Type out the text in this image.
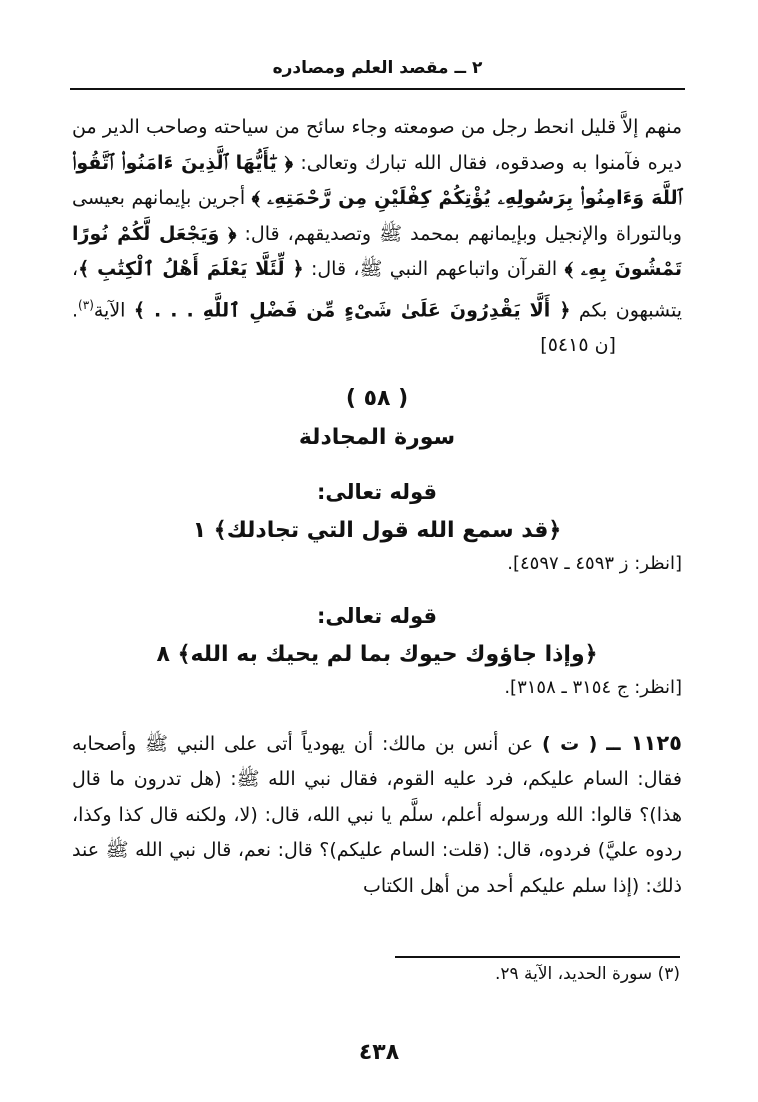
٢ ــ مقصد العلم ومصادره

منهم إلاَّ قليل انحط رجل من صومعته وجاء سائح من سياحته وصاحب الدير من ديره فآمنوا به وصدقوه، فقال الله تبارك وتعالى: ﴿ يَٰٓأَيُّهَا ٱلَّذِينَ ءَامَنُوا۟ ٱتَّقُوا۟ ٱللَّهَ وَءَامِنُوا۟ بِرَسُولِهِۦ يُؤْتِكُمْ كِفْلَيْنِ مِن رَّحْمَتِهِۦ ﴾ أجرين بإيمانهم بعيسى وبالتوراة والإنجيل وبإيمانهم بمحمد ﷺ وتصديقهم، قال: ﴿ وَيَجْعَل لَّكُمْ نُورًا تَمْشُونَ بِهِۦ ﴾ القرآن واتباعهم النبي ﷺ، قال: ﴿ لِّئَلَّا يَعْلَمَ أَهْلُ ٱلْكِتَٰبِ ﴾، يتشبهون بكم ﴿ أَلَّا يَقْدِرُونَ عَلَىٰ شَىْءٍ مِّن فَضْلِ ٱللَّهِ . . . ﴾ الآية$^{(٣)}$.  [ن ٥٤١٥]

( ٥٨ )
سورة المجادلة
قوله تعالى:
﴿قد سمع الله قول التي تجادلك﴾ ١
[انظر: ز ٤٥٩٣ ـ ٤٥٩٧].
قوله تعالى:
﴿وإذا جاؤوك حيوك بما لم يحيك به الله﴾ ٨
[انظر: ج ٣١٥٤ ـ ٣١٥٨].

١١٢٥ ــ ( ت ) عن أنس بن مالك: أن يهودياً أتى على النبي ﷺ وأصحابه فقال: السام عليكم، فرد عليه القوم، فقال نبي الله ﷺ: (هل تدرون ما قال هذا)؟ قالوا: الله ورسوله أعلم، سلَّم يا نبي الله، قال: (لا، ولكنه قال كذا وكذا، ردوه عليَّ) فردوه، قال: (قلت: السام عليكم)؟ قال: نعم، قال نبي الله ﷺ عند ذلك: (إذا سلم عليكم أحد من أهل الكتاب

(٣) سورة الحديد، الآية ٢٩.
٤٣٨
